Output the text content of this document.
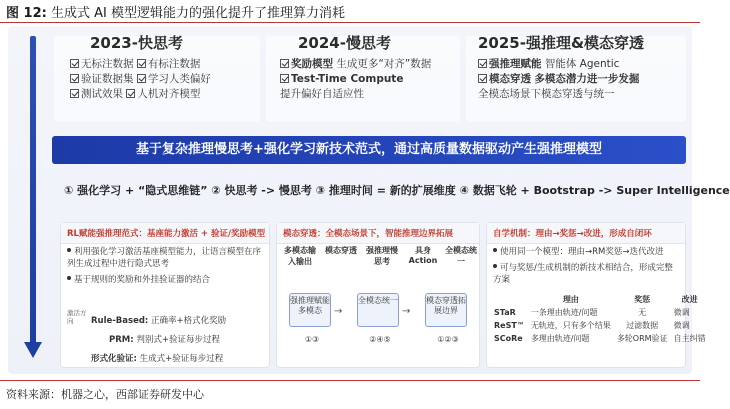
图 12: 生成式 AI 模型逻辑能力的强化提升了推理算力消耗
2023-快思考
无标注数据 有标注数据
验证数据集 学习人类偏好
测试效果 人机对齐模型
2024-慢思考
奖励模型 生成更多“对齐”数据
Test-Time Compute
提升偏好自适应性
2025-强推理&模态穿透
强推理赋能 智能体 Agentic
模态穿透 多模态潜力进一步发掘
全模态场景下模态穿透与统一
基于复杂推理慢思考+强化学习新技术范式，通过高质量数据驱动产生强推理模型
① 强化学习 + “隐式思维链” ② 快思考 -> 慢思考 ③ 推理时间 = 新的扩展维度 ④ 数据飞轮 + Bootstrap -> Super Intelligence
RL赋能强推理范式：基座能力激活 + 验证/奖励模型
利用强化学习激活基座模型能力，让语言模型在序列生成过程中进行隐式思考
基于规则的奖励和外挂验证器的结合
激活方向	Rule-Based: 正确率+格式化奖励
PRM: 判别式+验证每步过程
形式化验证: 生成式+验证每步过程
模态穿透：全模态场景下，智能推理边界拓展
多模态输入输出
模态穿透	强推理慢思考
具身Action
全模态统一
强推理赋能多模态
全模态统一	模态穿透拓展边界
→	→
①③	②④⑤	①②③
自学机制：理由→奖惩→改进，形成自闭环
使用同一个模型：理由→RM奖惩→迭代改进
可与奖惩/生成机制的新技术相结合，形成完整方案
	理由	奖惩	改进
STaR	一条理由轨迹/问题	无	微调
ReST™	无轨迹，只有多个结果	过滤数据	微调
SCoRe	多理由轨迹/问题	多轮ORM验证	自主纠错
资料来源：机器之心，西部证券研发中心
